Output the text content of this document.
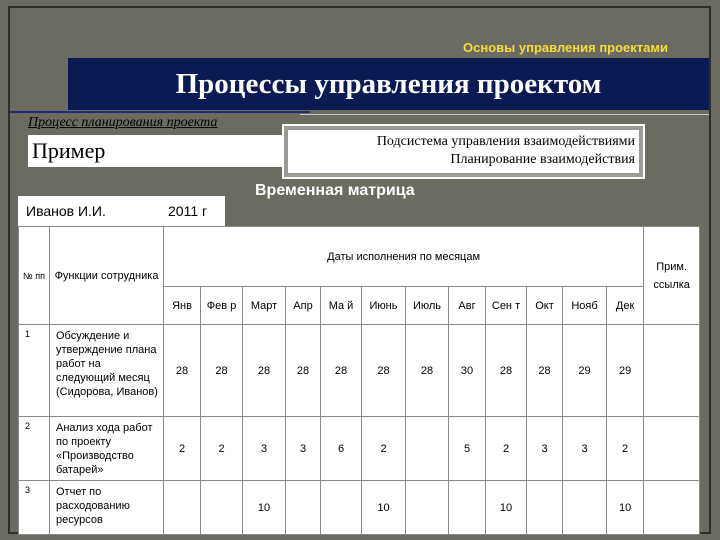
Основы управления проектами
Процессы управления проектом
Процесс планирования проекта
Пример	Подсистема управления взаимодействиями
Планирование взаимодействия
Иванов И.И.	2011 г
Временная матрица
№ пп	Функции сотрудника	Даты исполнения по месяцам												Прим. ссылка
		Янв	Фев р	Март	Апр	Ма й	Июнь	Июль	Авг	Сен т	Окт	Нояб	Дек	
1	Обсуждение и утверждение плана работ на следующий месяц (Сидорова, Иванов)	28	28	28	28	28	28	28	30	28	28	29	29	
2	Анализ хода работ по проекту «Производство батарей»	2	2	3	3	6	2		5	2	3	3	2	
3	Отчет по расходованию ресурсов			10			10			10			10	
